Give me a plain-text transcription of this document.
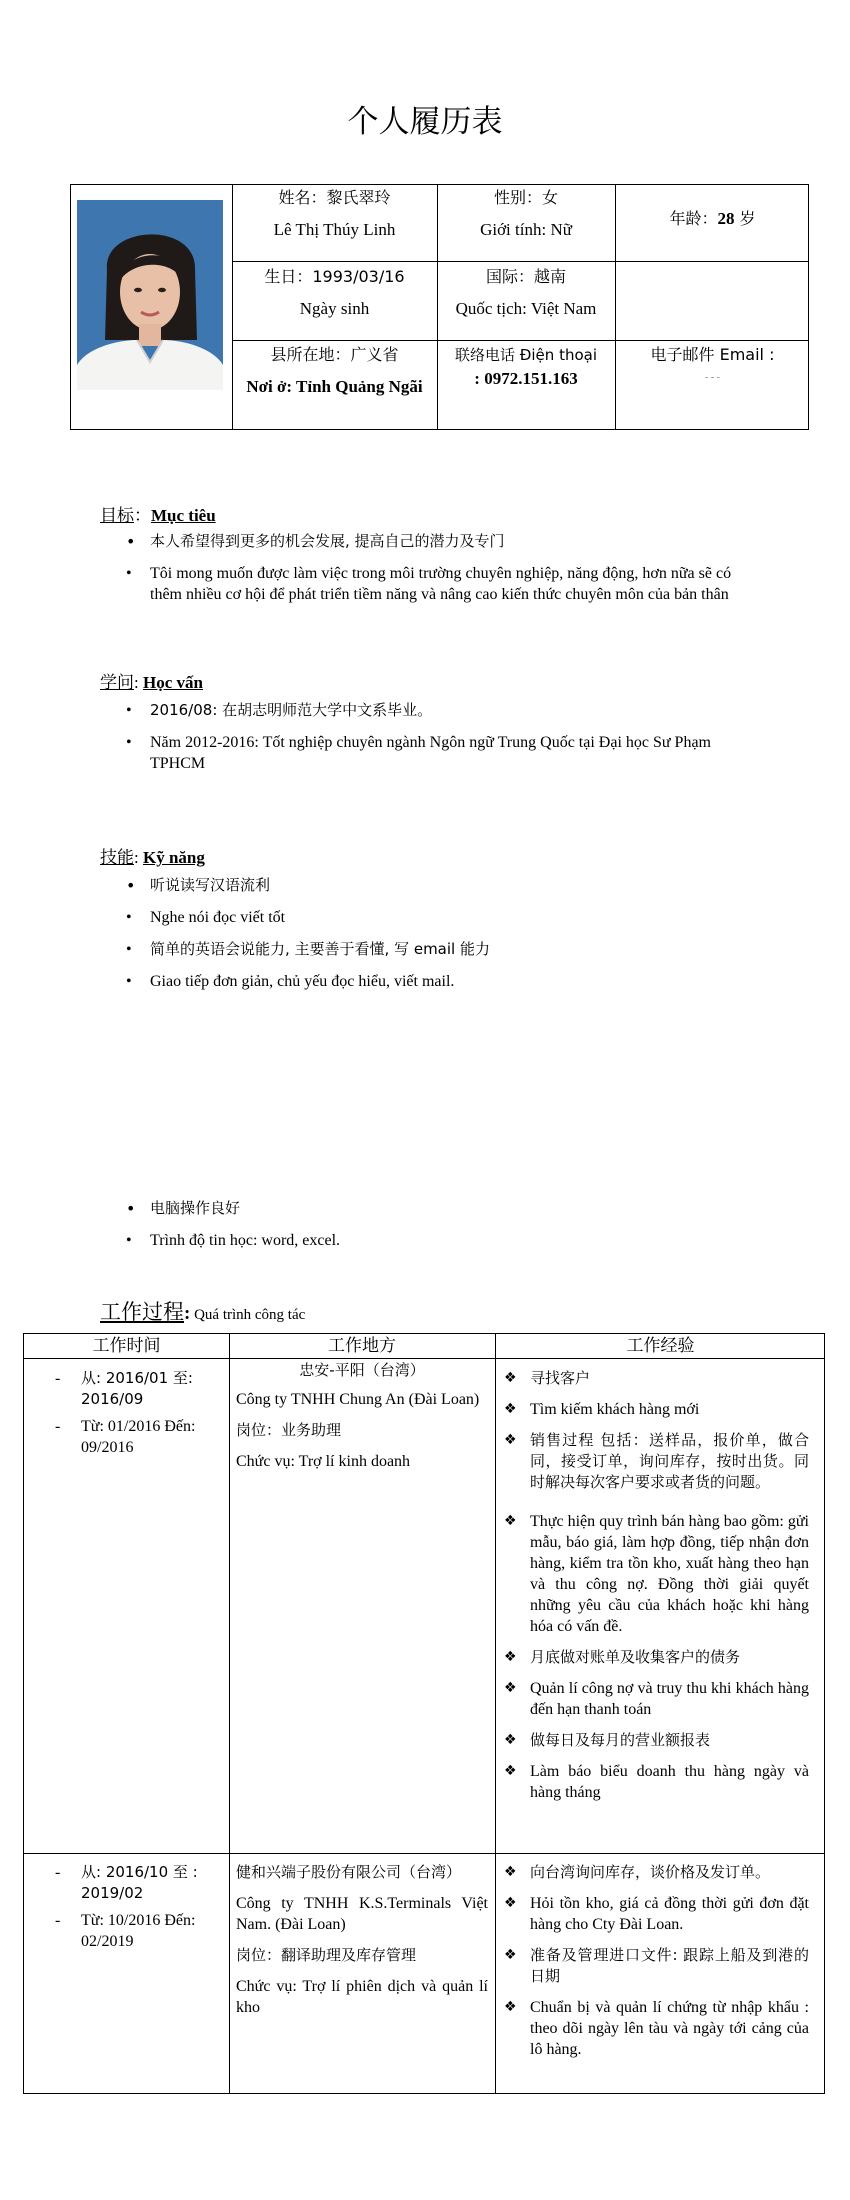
个人履历表
姓名：黎氏翠玲
Lê Thị Thúy Linh
性别：女
Giới tính: Nữ
年龄：28 岁
生日：1993/03/16
Ngày sinh
国际：越南
Quốc tịch: Việt Nam
县所在地：广义省
Nơi ở: Tỉnh Quảng Ngãi
联络电话 Điện thoại
: 0972.151.163
电子邮件 Email :
- - -
目标：Mục tiêu
• 本人希望得到更多的机会发展, 提高自己的潜力及专门
• Tôi mong muốn được làm việc trong môi trường chuyên nghiệp, năng động, hơn nữa sẽ có thêm nhiều cơ hội để phát triển tiềm năng và nâng cao kiến thức chuyên môn của bản thân
学问: Học vấn
• 2016/08: 在胡志明师范大学中文系毕业。
• Năm 2012-2016: Tốt nghiệp chuyên ngành Ngôn ngữ Trung Quốc tại Đại học Sư Phạm TPHCM
技能: Kỹ năng
• 听说读写汉语流利
• Nghe nói đọc viết tốt
• 简单的英语会说能力, 主要善于看懂, 写 email 能力
• Giao tiếp đơn giản, chủ yếu đọc hiểu, viết mail.
• 电脑操作良好
• Trình độ tin học: word, excel.
工作过程: Quá trình công tác
工作时间	工作地方	工作经验
- 从: 2016/01 至: 2016/09
- Từ: 01/2016 Đến: 09/2016

忠安-平阳（台湾）

Công ty TNHH Chung An (Đài Loan)

岗位：业务助理

Chức vụ: Trợ lí kinh doanh

❖ 寻找客户
❖ Tìm kiếm khách hàng mới
❖ 销售过程 包括：送样品，报价单，做合同，接受订单，询问库存，按时出货。同时解决每次客户要求或者货的问题。
❖ Thực hiện quy trình bán hàng bao gồm: gửi mẫu, báo giá, làm hợp đồng, tiếp nhận đơn hàng, kiểm tra tồn kho, xuất hàng theo hạn và thu công nợ. Đồng thời giải quyết những yêu cầu của khách hoặc khi hàng hóa có vấn đề.
❖ 月底做对账单及收集客户的债务
❖ Quản lí công nợ và truy thu khi khách hàng đến hạn thanh toán
❖ 做每日及每月的营业额报表
❖ Làm báo biểu doanh thu hàng ngày và hàng tháng
- 从: 2016/10 至 : 2019/02
- Từ: 10/2016 Đến: 02/2019

健和兴端子股份有限公司（台湾）

Công ty TNHH K.S.Terminals Việt Nam. (Đài Loan)

岗位：翻译助理及库存管理

Chức vụ: Trợ lí phiên dịch và quản lí kho

❖ 向台湾询问库存，谈价格及发订单。
❖ Hỏi tồn kho, giá cả đồng thời gửi đơn đặt hàng cho Cty Đài Loan.
❖ 准备及管理进口文件: 跟踪上船及到港的日期
❖ Chuẩn bị và quản lí chứng từ nhập khẩu : theo dõi ngày lên tàu và ngày tới cảng của lô hàng.
